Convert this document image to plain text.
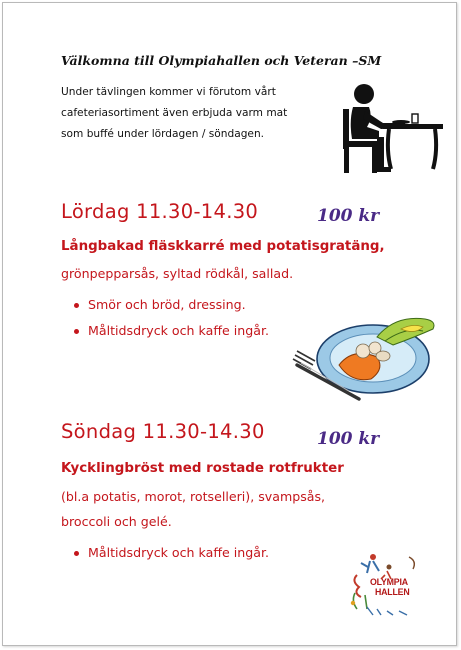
Välkomna till Olympiahallen och Veteran –SM
Under tävlingen kommer vi förutom vårt cafeteriasortiment även erbjuda varm mat som buffé under lördagen / söndagen.
Lördag 11.30-14.30	100 kr
Långbakad fläskkarré med potatisgratäng,
grönpepparsås, syltad rödkål, sallad.
Smör och bröd, dressing.
Måltidsdryck och kaffe ingår.
Söndag 11.30-14.30	100 kr
Kycklingbröst med rostade rotfrukter
(bl.a potatis, morot, rotselleri), svampsås,
broccoli och gelé.
Måltidsdryck och kaffe ingår.
OLYMPIA
HALLEN
